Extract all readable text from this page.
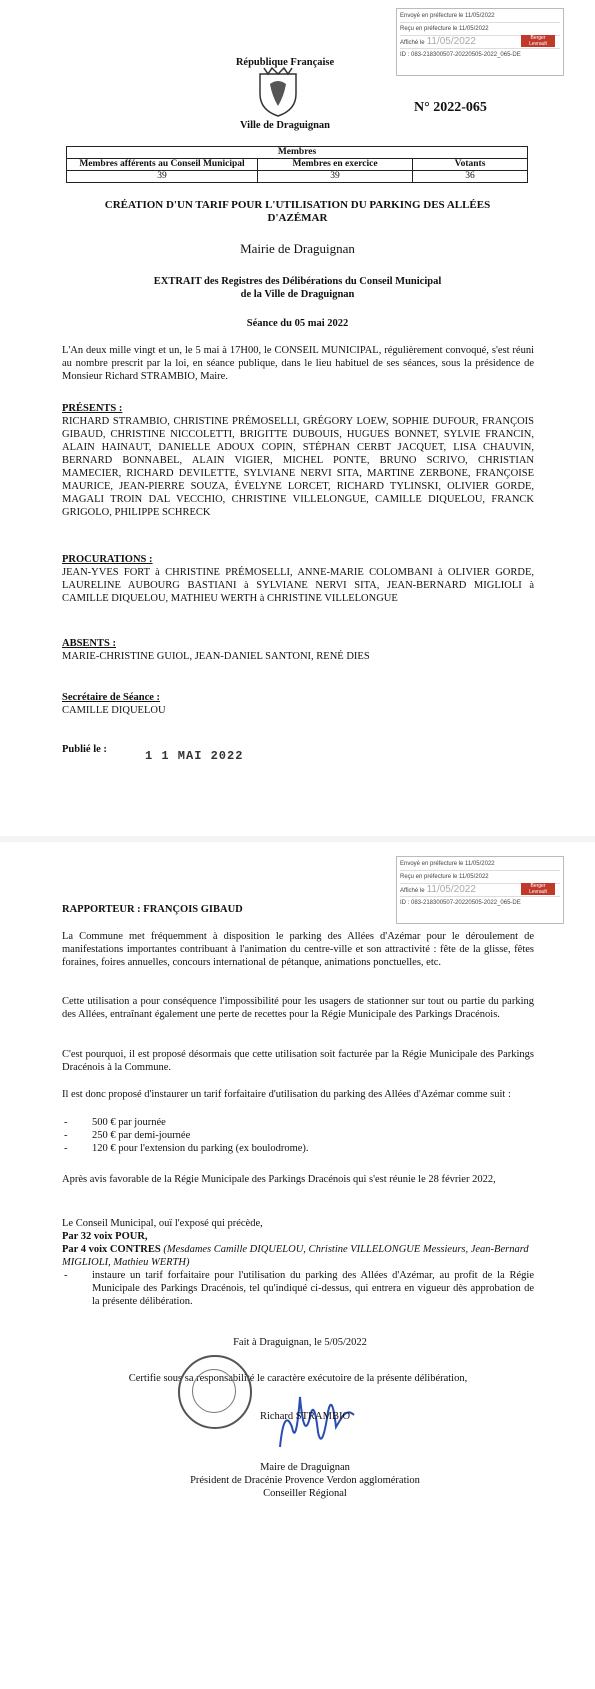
Envoyé en préfecture le 11/05/2022
Reçu en préfecture le 11/05/2022
Affiché le 11/05/2022	Berger Levrault
ID : 083-218300507-20220505-2022_065-DE
République Française
Ville de Draguignan
N° 2022-065
Membres		
Membres afférents au Conseil Municipal	Membres en exercice	Votants
39	39	36
CRÉATION D'UN TARIF POUR L'UTILISATION DU PARKING DES ALLÉES D'AZÉMAR
Mairie de Draguignan
EXTRAIT des Registres des Délibérations du Conseil Municipal
de la Ville de Draguignan
Séance du 05 mai 2022
L'An deux mille vingt et un, le 5 mai à 17H00, le CONSEIL MUNICIPAL, régulièrement convoqué, s'est réuni au nombre prescrit par la loi, en séance publique, dans le lieu habituel de ses séances, sous la présidence de Monsieur Richard STRAMBIO, Maire.
PRÉSENTS :
RICHARD STRAMBIO, CHRISTINE PRÉMOSELLI, GRÉGORY LOEW, SOPHIE DUFOUR, FRANÇOIS GIBAUD, CHRISTINE NICCOLETTI, BRIGITTE DUBOUIS, HUGUES BONNET, SYLVIE FRANCIN, ALAIN HAINAUT, DANIELLE ADOUX COPIN, STÉPHAN CERBT JACQUET, LISA CHAUVIN, BERNARD BONNABEL, ALAIN VIGIER, MICHEL PONTE, BRUNO SCRIVO, CHRISTIAN MAMECIER, RICHARD DEVILETTE, SYLVIANE NERVI SITA, MARTINE ZERBONE, FRANÇOISE MAURICE, JEAN-PIERRE SOUZA, ÉVELYNE LORCET, RICHARD TYLINSKI, OLIVIER GORDE, MAGALI TROIN DAL VECCHIO, CHRISTINE VILLELONGUE, CAMILLE DIQUELOU, FRANCK GRIGOLO, PHILIPPE SCHRECK
PROCURATIONS :
JEAN-YVES FORT à CHRISTINE PRÉMOSELLI, ANNE-MARIE COLOMBANI à OLIVIER GORDE, LAURELINE AUBOURG BASTIANI à SYLVIANE NERVI SITA, JEAN-BERNARD MIGLIOLI à CAMILLE DIQUELOU, MATHIEU WERTH à CHRISTINE VILLELONGUE
ABSENTS :
MARIE-CHRISTINE GUIOL, JEAN-DANIEL SANTONI, RENÉ DIES
Secrétaire de Séance :
CAMILLE DIQUELOU
Publié le :	1 1 MAI 2022
Envoyé en préfecture le 11/05/2022
Reçu en préfecture le 11/05/2022
Affiché le 11/05/2022	Berger Levrault
ID : 083-218300507-20220505-2022_065-DE
RAPPORTEUR : FRANÇOIS GIBAUD
La Commune met fréquemment à disposition le parking des Allées d'Azémar pour le déroulement de manifestations importantes contribuant à l'animation du centre-ville et son attractivité : fête de la glisse, fêtes foraines, foires annuelles, concours international de pétanque, animations ponctuelles, etc.
Cette utilisation a pour conséquence l'impossibilité pour les usagers de stationner sur tout ou partie du parking des Allées, entraînant également une perte de recettes pour la Régie Municipale des Parkings Dracénois.
C'est pourquoi, il est proposé désormais que cette utilisation soit facturée par la Régie Municipale des Parkings Dracénois à la Commune.
Il est donc proposé d'instaurer un tarif forfaitaire d'utilisation du parking des Allées d'Azémar comme suit :
- 500 € par journée
- 250 € par demi-journée
- 120 € pour l'extension du parking (ex boulodrome).
Après avis favorable de la Régie Municipale des Parkings Dracénois qui s'est réunie le 28 février 2022,
Le Conseil Municipal, ouï l'exposé qui précède,
Par 32 voix POUR,
Par 4 voix CONTRES (Mesdames Camille DIQUELOU, Christine VILLELONGUE Messieurs, Jean-Bernard MIGLIOLI, Mathieu WERTH)
- instaure un tarif forfaitaire pour l'utilisation du parking des Allées d'Azémar, au profit de la Régie Municipale des Parkings Dracénois, tel qu'indiqué ci-dessus, qui entrera en vigueur dès approbation de la présente délibération.
Fait à Draguignan, le 5/05/2022
Certifie sous sa responsabilité le caractère exécutoire de la présente délibération,
Richard STRAMBIO
Maire de Draguignan
Président de Dracénie Provence Verdon agglomération
Conseiller Régional
